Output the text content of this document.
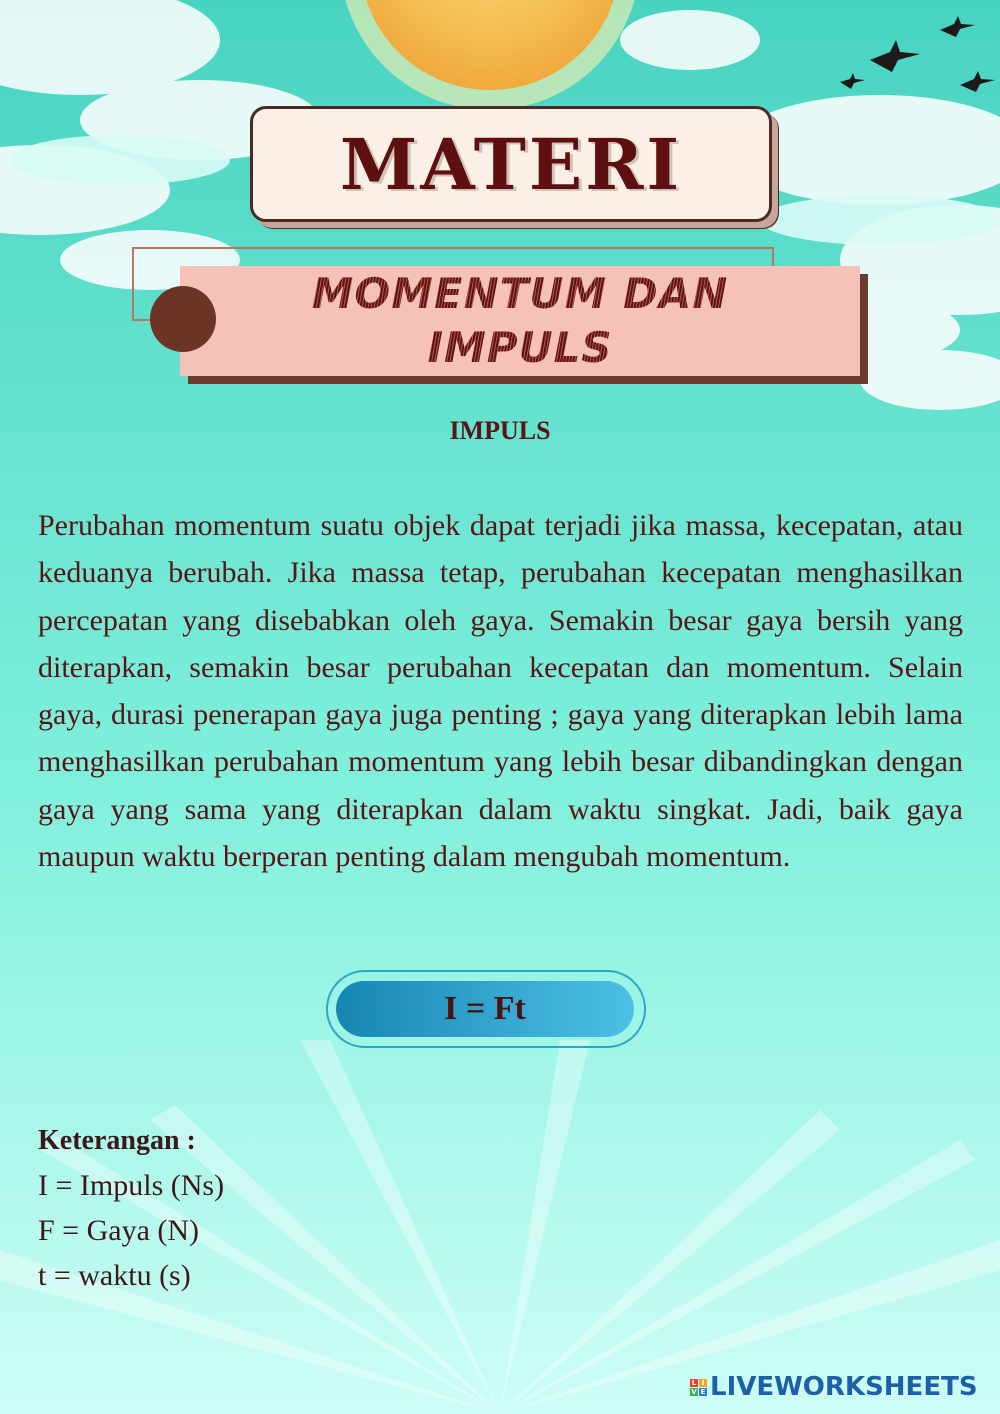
MATERI
MOMENTUM DAN
IMPULS
IMPULS

Perubahan momentum suatu objek dapat terjadi jika massa, kecepatan, atau keduanya berubah. Jika massa tetap, perubahan kecepatan menghasilkan percepatan yang disebabkan oleh gaya. Semakin besar gaya bersih yang diterapkan, semakin besar perubahan kecepatan dan momentum. Selain gaya, durasi penerapan gaya juga penting ; gaya yang diterapkan lebih lama menghasilkan perubahan momentum yang lebih besar dibandingkan dengan gaya yang sama yang diterapkan dalam waktu singkat. Jadi, baik gaya maupun waktu berperan penting dalam mengubah momentum.

I = Ft
Keterangan :
I = Impuls (Ns)
F = Gaya (N)
t = waktu (s)
L I
V E LIVEWORKSHEETS
